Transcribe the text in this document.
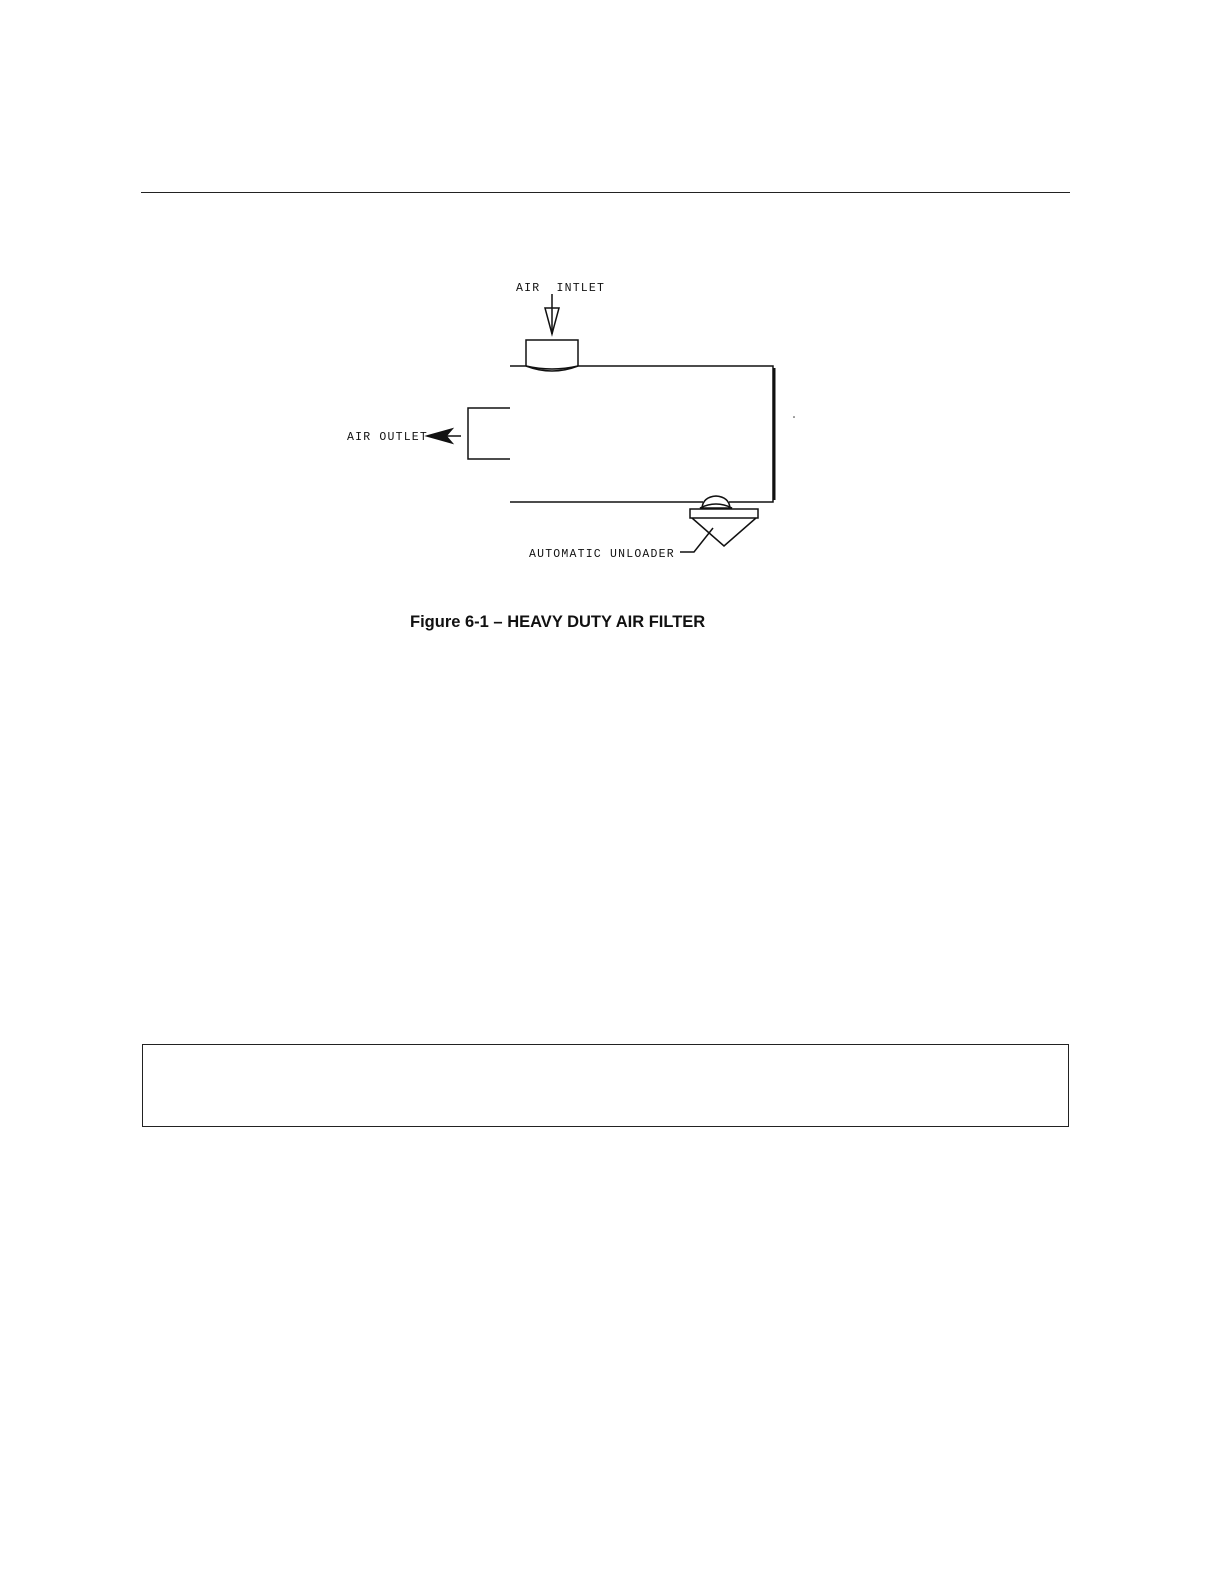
AIR  INTLET
AIR OUTLET
AUTOMATIC UNLOADER
Figure 6-1 – HEAVY DUTY AIR FILTER
